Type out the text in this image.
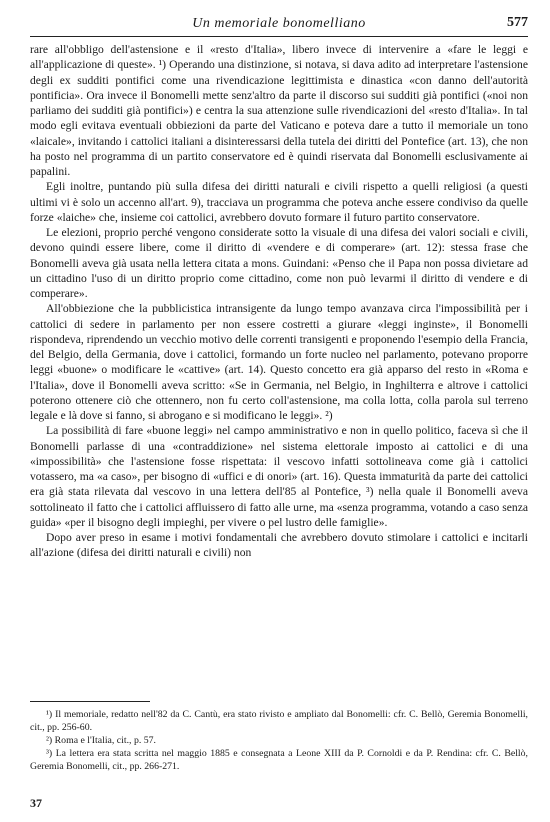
Un memoriale bonomelliano	577

rare all'obbligo dell'astensione e il «resto d'Italia», libero invece di intervenire a «fare le leggi e all'applicazione di queste». ¹) Operando una distinzione, si notava, si dava adito ad interpretare l'astensione degli ex sudditi pontifici come una rivendicazione legittimista e dinastica «con danno dell'autorità pontificia». Ora invece il Bonomelli mette senz'altro da parte il discorso sui sudditi già pontifici («noi non parliamo dei sudditi già pontifici») e centra la sua attenzione sulle rivendicazioni del «resto d'Italia». In tal modo egli evitava eventuali obbiezioni da parte del Vaticano e poteva dare a tutto il memoriale un tono «laicale», invitando i cattolici italiani a disinteressarsi della tutela dei diritti del Pontefice (art. 13), che non ha posto nel programma di un partito conservatore ed è quindi riservata dal Bonomelli esclusivamente ai papalini.

Egli inoltre, puntando più sulla difesa dei diritti naturali e civili rispetto a quelli religiosi (a questi ultimi vi è solo un accenno all'art. 9), tracciava un programma che poteva anche essere condiviso da quelle forze «laiche» che, insieme coi cattolici, avrebbero dovuto formare il futuro partito conservatore.

Le elezioni, proprio perché vengono considerate sotto la visuale di una difesa dei valori sociali e civili, devono quindi essere libere, come il diritto di «vendere e di comperare» (art. 12): stessa frase che Bonomelli aveva già usata nella lettera citata a mons. Guindani: «Penso che il Papa non possa divietare ad un cittadino l'uso di un diritto proprio come cittadino, come non può levarmi il diritto di vendere e di comperare».

All'obbiezione che la pubblicistica intransigente da lungo tempo avanzava circa l'impossibilità per i cattolici di sedere in parlamento per non essere costretti a giurare «leggi inginste», il Bonomelli rispondeva, riprendendo un vecchio motivo delle correnti transigenti e proponendo l'esempio della Francia, del Belgio, della Germania, dove i cattolici, formando un forte nucleo nel parlamento, potevano proporre leggi «buone» o modificare le «cattive» (art. 14). Questo concetto era già apparso del resto in «Roma e l'Italia», dove il Bonomelli aveva scritto: «Se in Germania, nel Belgio, in Inghilterra e altrove i cattolici poterono ottenere ciò che ottennero, non fu certo coll'astensione, ma colla lotta, colla parola sul terreno legale e là dove si fanno, si abrogano e si modificano le leggi». ²)

La possibilità di fare «buone leggi» nel campo amministrativo e non in quello politico, faceva sì che il Bonomelli parlasse di una «contraddizione» nel sistema elettorale imposto ai cattolici e di una «impossibilità» che l'astensione fosse rispettata: il vescovo infatti sottolineava come già i cattolici votassero, ma «a caso», per bisogno di «uffici e di onori» (art. 16). Questa immaturità da parte dei cattolici era già stata rilevata dal vescovo in una lettera dell'85 al Pontefice, ³) nella quale il Bonomelli aveva sottolineato il fatto che i cattolici affluissero di fatto alle urne, ma «senza programma, votando a caso senza guida» «per il bisogno degli impieghi, per vivere o pel lustro delle famiglie».

Dopo aver preso in esame i motivi fondamentali che avrebbero dovuto stimolare i cattolici e incitarli all'azione (difesa dei diritti naturali e civili) non

¹) Il memoriale, redatto nell'82 da C. Cantù, era stato rivisto e ampliato dal Bonomelli: cfr. C. Bellò, Geremia Bonomelli, cit., pp. 256-60.

²) Roma e l'Italia, cit., p. 57.

³) La lettera era stata scritta nel maggio 1885 e consegnata a Leone XIII da P. Cornoldi e da P. Rendina: cfr. C. Bellò, Geremia Bonomelli, cit., pp. 266-271.

37
